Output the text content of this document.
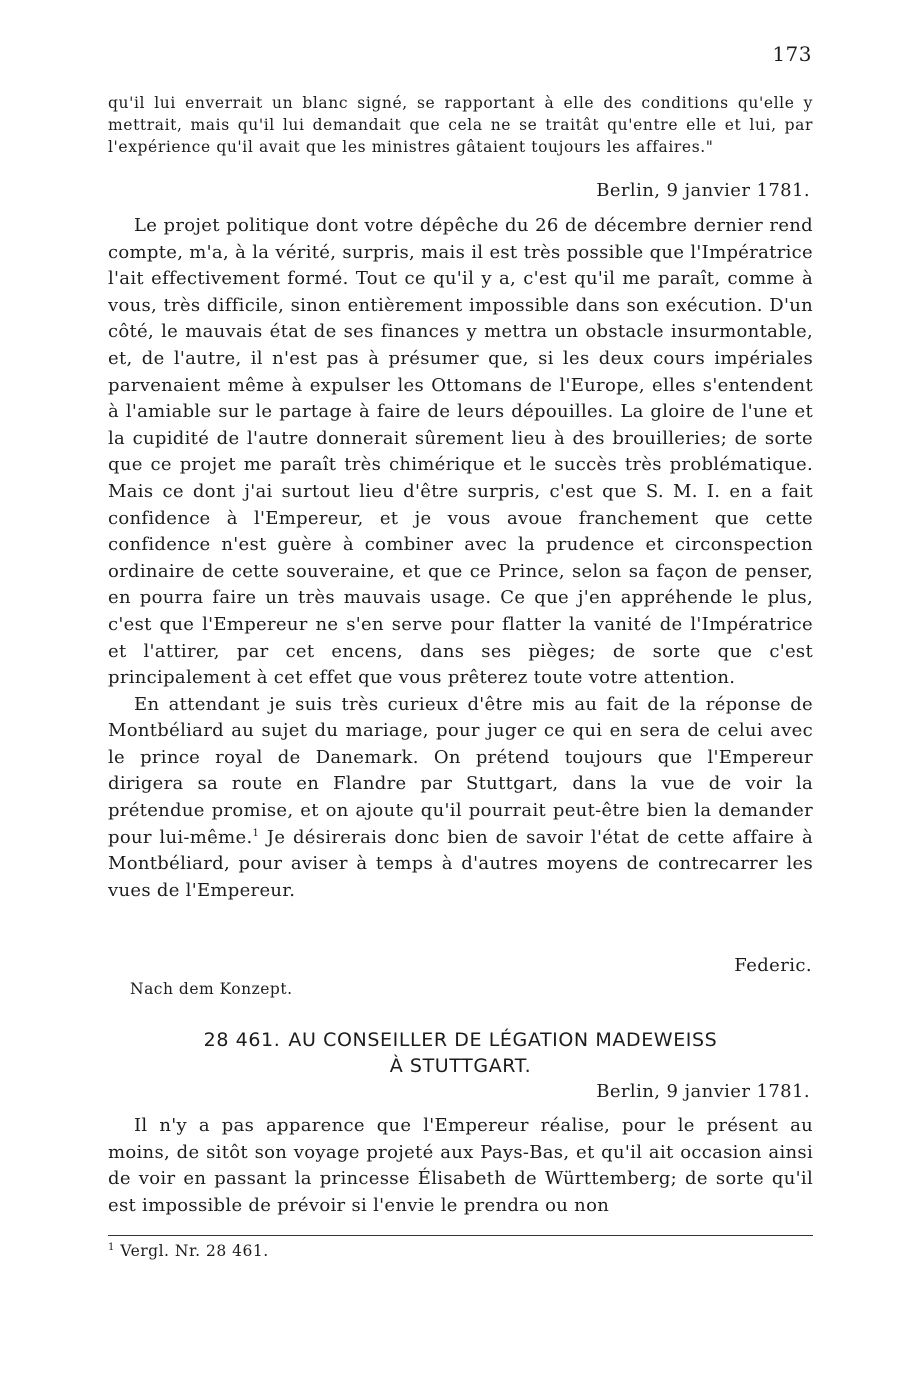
173
qu'il lui enverrait un blanc signé, se rapportant à elle des conditions qu'elle y mettrait, mais qu'il lui demandait que cela ne se traitât qu'entre elle et lui, par l'expérience qu'il avait que les ministres gâtaient toujours les affaires."
Berlin, 9 janvier 1781.

Le projet politique dont votre dépêche du 26 de décembre dernier rend compte, m'a, à la vérité, surpris, mais il est très possible que l'Impératrice l'ait effectivement formé. Tout ce qu'il y a, c'est qu'il me paraît, comme à vous, très difficile, sinon entièrement impossible dans son exécution. D'un côté, le mauvais état de ses finances y mettra un obstacle insurmontable, et, de l'autre, il n'est pas à présumer que, si les deux cours impériales parvenaient même à expulser les Ottomans de l'Europe, elles s'entendent à l'amiable sur le partage à faire de leurs dépouilles. La gloire de l'une et la cupidité de l'autre donnerait sûrement lieu à des brouilleries; de sorte que ce projet me paraît très chimérique et le succès très problématique. Mais ce dont j'ai surtout lieu d'être surpris, c'est que S. M. I. en a fait confidence à l'Empereur, et je vous avoue franchement que cette confidence n'est guère à combiner avec la prudence et circonspection ordinaire de cette souveraine, et que ce Prince, selon sa façon de penser, en pourra faire un très mauvais usage. Ce que j'en appréhende le plus, c'est que l'Empereur ne s'en serve pour flatter la vanité de l'Impératrice et l'attirer, par cet encens, dans ses pièges; de sorte que c'est principalement à cet effet que vous prêterez toute votre attention.

En attendant je suis très curieux d'être mis au fait de la réponse de Montbéliard au sujet du mariage, pour juger ce qui en sera de celui avec le prince royal de Danemark. On prétend toujours que l'Empereur dirigera sa route en Flandre par Stuttgart, dans la vue de voir la prétendue promise, et on ajoute qu'il pourrait peut-être bien la demander pour lui-même.$^1$ Je désirerais donc bien de savoir l'état de cette affaire à Montbéliard, pour aviser à temps à d'autres moyens de contrecarrer les vues de l'Empereur.

Federic.
Nach dem Konzept.
28 461. AU CONSEILLER DE LÉGATION MADEWEISS
À STUTTGART.
Berlin, 9 janvier 1781.

Il n'y a pas apparence que l'Empereur réalise, pour le présent au moins, de sitôt son voyage projeté aux Pays-Bas, et qu'il ait occasion ainsi de voir en passant la princesse Élisabeth de Württemberg; de sorte qu'il est impossible de prévoir si l'envie le prendra ou non

$^1$ Vergl. Nr. 28 461.
